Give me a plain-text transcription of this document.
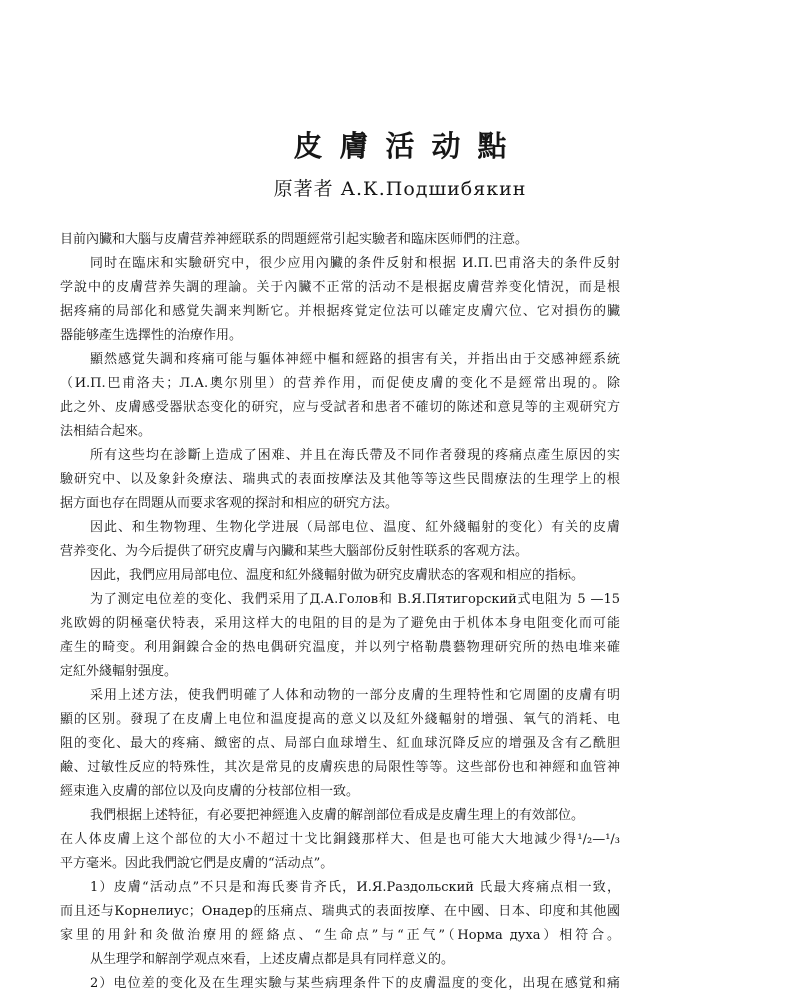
皮膚活动點
原著者 А.К.Подшибякин
目前內臟和大腦与皮膚营养神經联系的問題經常引起实驗者和臨床医师們的注意。
同时在臨床和实驗研究中，很少应用內臟的条件反射和根据 И.П.巴甫洛夫的条件反射
学說中的皮膚营养失調的理論。关于內臟不正常的活动不是根据皮膚营养变化情況，而是根
据疼痛的局部化和感覚失調来判断它。并根据疼覚定位法可以確定皮膚穴位、它对損伤的臟
器能够產生选擇性的治療作用。
顯然感覚失調和疼痛可能与軀体神經中樞和經路的損害有关，并指出由于交感神經系統
（И.П.巴甫洛夫；Л.А.奧尔別里）的营养作用，而促使皮膚的变化不是經常出現的。除
此之外、皮膚感受器狀态变化的研究，应与受試者和患者不確切的陈述和意見等的主观研究方
法相結合起來。
所有这些均在診斷上造成了困难、并且在海氏帶及不同作者發現的疼痛点產生原因的实
驗研究中、以及象針灸療法、瑞典式的表面按摩法及其他等等这些民間療法的生理学上的根
据方面也存在問題从而要求客观的探討和相应的研究方法。
因此、和生物物理、生物化学进展（局部电位、温度、紅外綫輻射的变化）有关的皮膚
营养变化、为今后提供了研究皮膚与內臟和某些大腦部份反射性联系的客观方法。
因此，我們应用局部电位、温度和紅外綫輻射做为研究皮膚狀态的客观和相应的指标。
为了测定电位差的变化、我們采用了Д.А.Голов和 В.Я.Пятигорский式电阻为 5 —15
兆欧姆的阴極毫伏特表，采用这样大的电阻的目的是为了避免由于机体本身电阻变化而可能
產生的畸变。利用銅鎳合金的热电偶研究温度，并以列宁格勒農藝物理研究所的热电堆来確
定紅外綫輻射强度。
采用上述方法，使我們明確了人体和动物的一部分皮膚的生理特性和它周圍的皮膚有明
顯的区别。發現了在皮膚上电位和温度提高的意义以及紅外綫輻射的增强、氧气的消耗、电
阻的变化、最大的疼痛、緻密的点、局部白血球增生、紅血球沉降反应的增强及含有乙酰胆
鹼、过敏性反应的特殊性，其次是常見的皮膚疾患的局限性等等。这些部份也和神經和血管神
經束進入皮膚的部位以及向皮膚的分枝部位相一致。
我們根据上述特征，有必要把神經進入皮膚的解剖部位看成是皮膚生理上的有效部位。
在人体皮膚上这个部位的大小不超过十戈比銅錢那样大、但是也可能大大地減少得¹/₂—¹/₃
平方毫米。因此我們說它們是皮膚的“活动点”。
1）皮膚“活动点”不只是和海氏麥肯齐氏，И.Я.Раздольский 氏最大疼痛点相一致，
而且还与Корнелиус；Онадер的压痛点、瑞典式的表面按摩、在中國、日本、印度和其他國
家里的用針和灸做治療用的經絡点、“生命点”与“正气”（Норма духа）相符合。
从生理学和解剖学观点來看，上述皮膚点都是具有同样意义的。
2）电位差的变化及在生理实驗与某些病理条件下的皮膚温度的变化，出現在感覚和痛
